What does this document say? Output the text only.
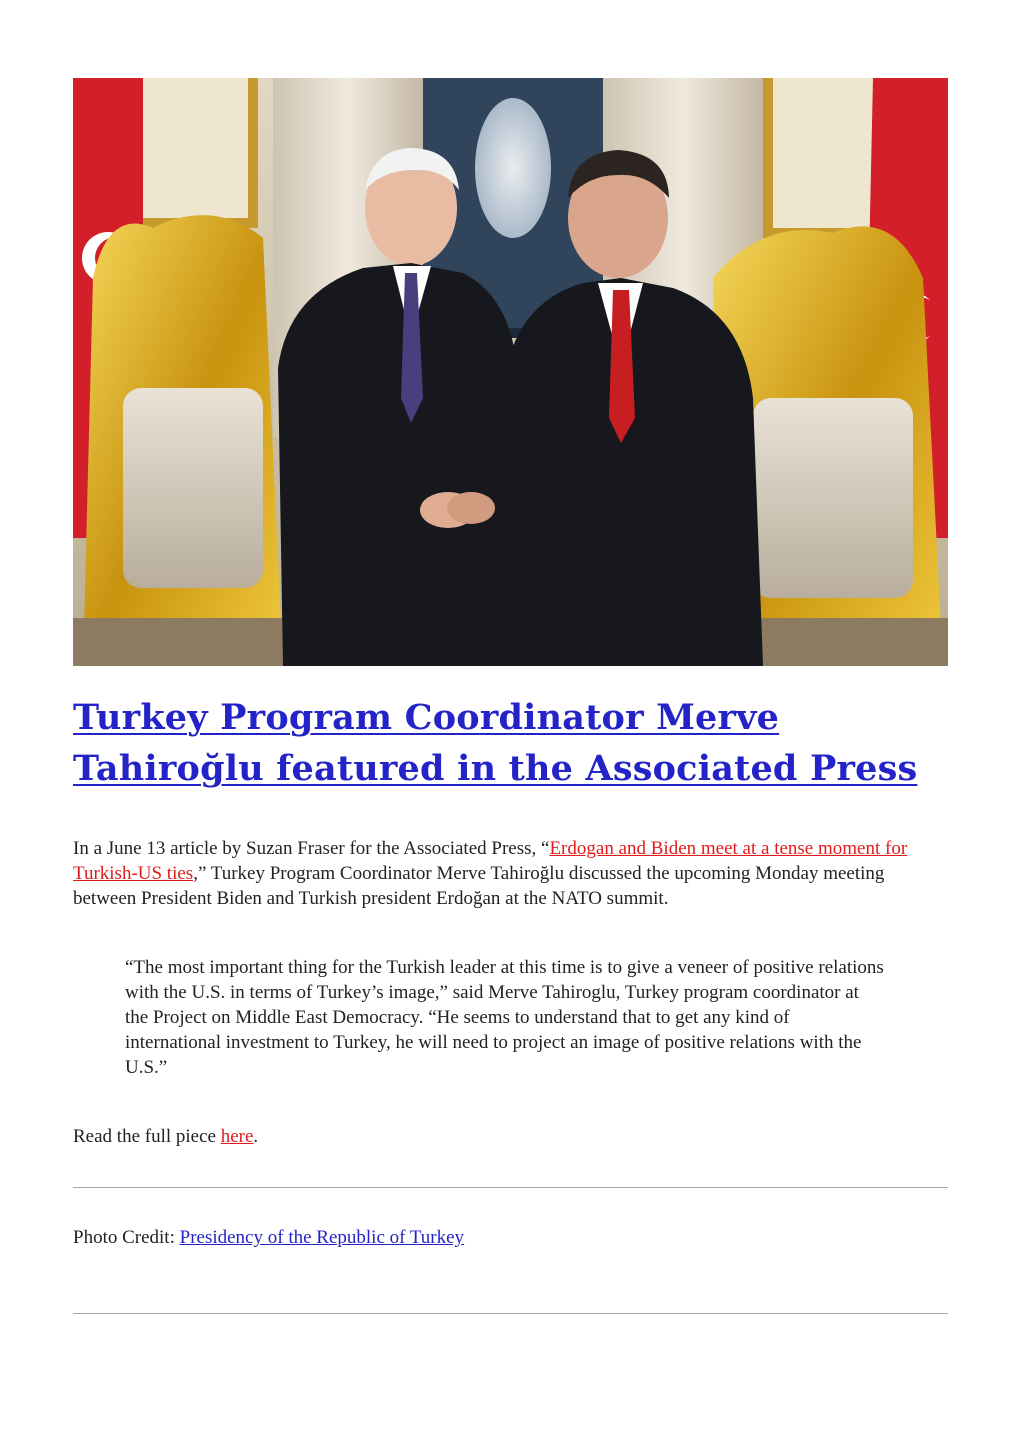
Turkey Program Coordinator Merve Tahiroğlu featured in the Associated Press

In a June 13 article by Suzan Fraser for the Associated Press, “Erdogan and Biden meet at a tense moment for Turkish-US ties,” Turkey Program Coordinator Merve Tahiroğlu discussed the upcoming Monday meeting between President Biden and Turkish president Erdoğan at the NATO summit.

“The most important thing for the Turkish leader at this time is to give a veneer of positive relations with the U.S. in terms of Turkey’s image,” said Merve Tahiroglu, Turkey program coordinator at the Project on Middle East Democracy. “He seems to understand that to get any kind of international investment to Turkey, he will need to project an image of positive relations with the U.S.”

Read the full piece here.

Photo Credit: Presidency of the Republic of Turkey
